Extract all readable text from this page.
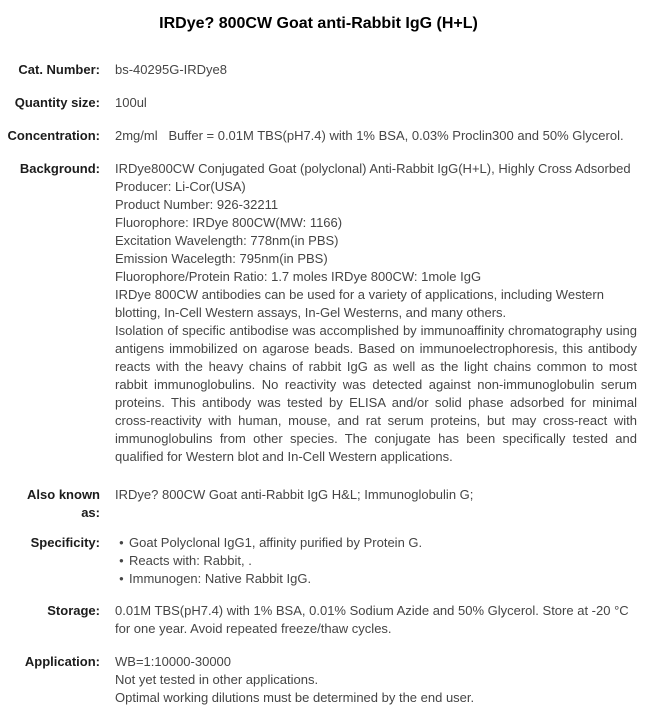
IRDye? 800CW Goat anti-Rabbit IgG (H+L)
Cat. Number: bs-40295G-IRDye8
Quantity size: 100ul
Concentration: 2mg/ml   Buffer = 0.01M TBS(pH7.4) with 1% BSA, 0.03% Proclin300 and 50% Glycerol.
Background: IRDye800CW Conjugated Goat (polyclonal) Anti-Rabbit IgG(H+L), Highly Cross Adsorbed
Producer: Li-Cor(USA)
Product Number: 926-32211
Fluorophore: IRDye 800CW(MW: 1166)
Excitation Wavelength: 778nm(in PBS)
Emission Wacelegth: 795nm(in PBS)
Fluorophore/Protein Ratio: 1.7 moles IRDye 800CW: 1mole IgG
IRDye 800CW antibodies can be used for a variety of applications, including Western blotting, In-Cell Western assays, In-Gel Westerns, and many others.
Isolation of specific antibodise was accomplished by immunoaffinity chromatography using antigens immobilized on agarose beads. Based on immunoelectrophoresis, this antibody reacts with the heavy chains of rabbit IgG as well as the light chains common to most rabbit immunoglobulins. No reactivity was detected against non-immunoglobulin serum proteins. This antibody was tested by ELISA and/or solid phase adsorbed for minimal cross-reactivity with human, mouse, and rat serum proteins, but may cross-react with immunoglobulins from other species. The conjugate has been specifically tested and qualified for Western blot and In-Cell Western applications.
Also known as:
IRDye? 800CW Goat anti-Rabbit IgG H&L; Immunoglobulin G;
Specificity:	● Goat Polyclonal IgG1, affinity purified by Protein G.
● Reacts with: Rabbit, .
● Immunogen: Native Rabbit IgG.
Storage: 0.01M TBS(pH7.4) with 1% BSA, 0.01% Sodium Azide and 50% Glycerol. Store at -20 °C for one year. Avoid repeated freeze/thaw cycles.
Application: WB=1:10000-30000
Not yet tested in other applications.
Optimal working dilutions must be determined by the end user.
